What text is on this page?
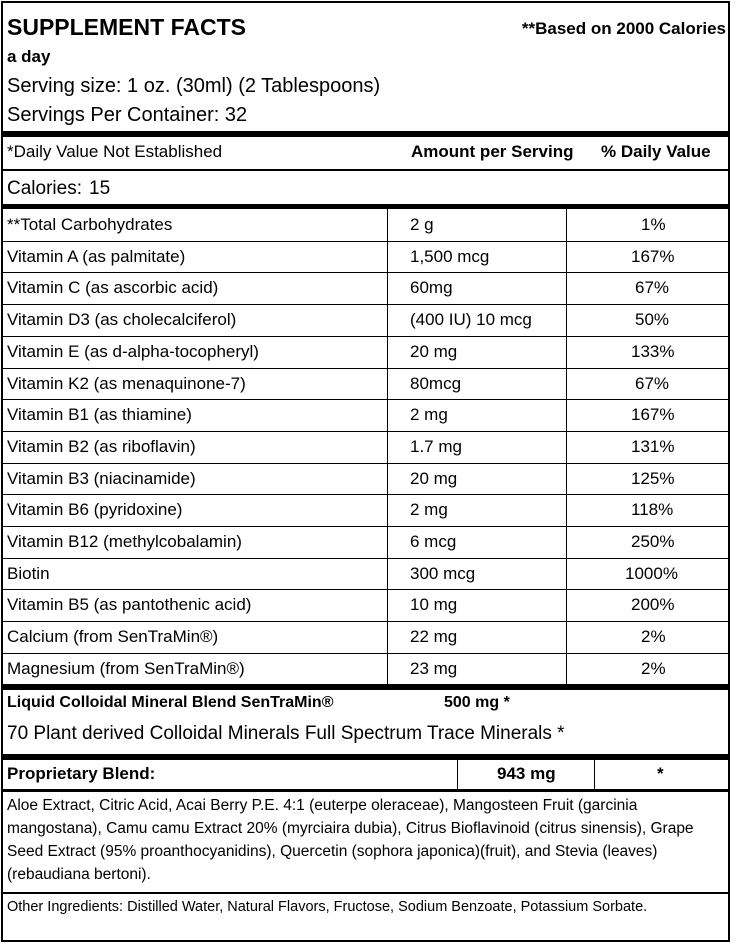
SUPPLEMENT FACTS	**Based on 2000 Calories
a day
Serving size: 1 oz. (30ml) (2 Tablespoons)
Servings Per Container: 32
*Daily Value Not Established	Amount per Serving % Daily Value
Calories: 15
**Total Carbohydrates	2 g	1%
Vitamin A (as palmitate)	1,500 mcg	167%
Vitamin C (as ascorbic acid)	60mg	67%
Vitamin D3 (as cholecalciferol)	(400 IU) 10 mcg	50%
Vitamin E (as d-alpha-tocopheryl)	20 mg	133%
Vitamin K2 (as menaquinone-7)	80mcg	67%
Vitamin B1 (as thiamine)	2 mg	167%
Vitamin B2 (as riboflavin)	1.7 mg	131%
Vitamin B3 (niacinamide)	20 mg	125%
Vitamin B6 (pyridoxine)	2 mg	118%
Vitamin B12 (methylcobalamin)	6 mcg	250%
Biotin	300 mcg	1000%
Vitamin B5 (as pantothenic acid)	10 mg	200%
Calcium (from SenTraMin®)	22 mg	2%
Magnesium (from SenTraMin®)	23 mg	2%
Liquid Colloidal Mineral Blend SenTraMin®	500 mg *
70 Plant derived Colloidal Minerals Full Spectrum Trace Minerals *
Proprietary Blend:	943 mg	*
Aloe Extract, Citric Acid, Acai Berry P.E. 4:1 (euterpe oleraceae), Mangosteen Fruit (garcinia mangostana), Camu camu Extract 20% (myrciaira dubia), Citrus Bioflavinoid (citrus sinensis), Grape Seed Extract (95% proanthocyanidins), Quercetin (sophora japonica)(fruit), and Stevia (leaves)(rebaudiana bertoni).
Other Ingredients: Distilled Water, Natural Flavors, Fructose, Sodium Benzoate, Potassium Sorbate.
